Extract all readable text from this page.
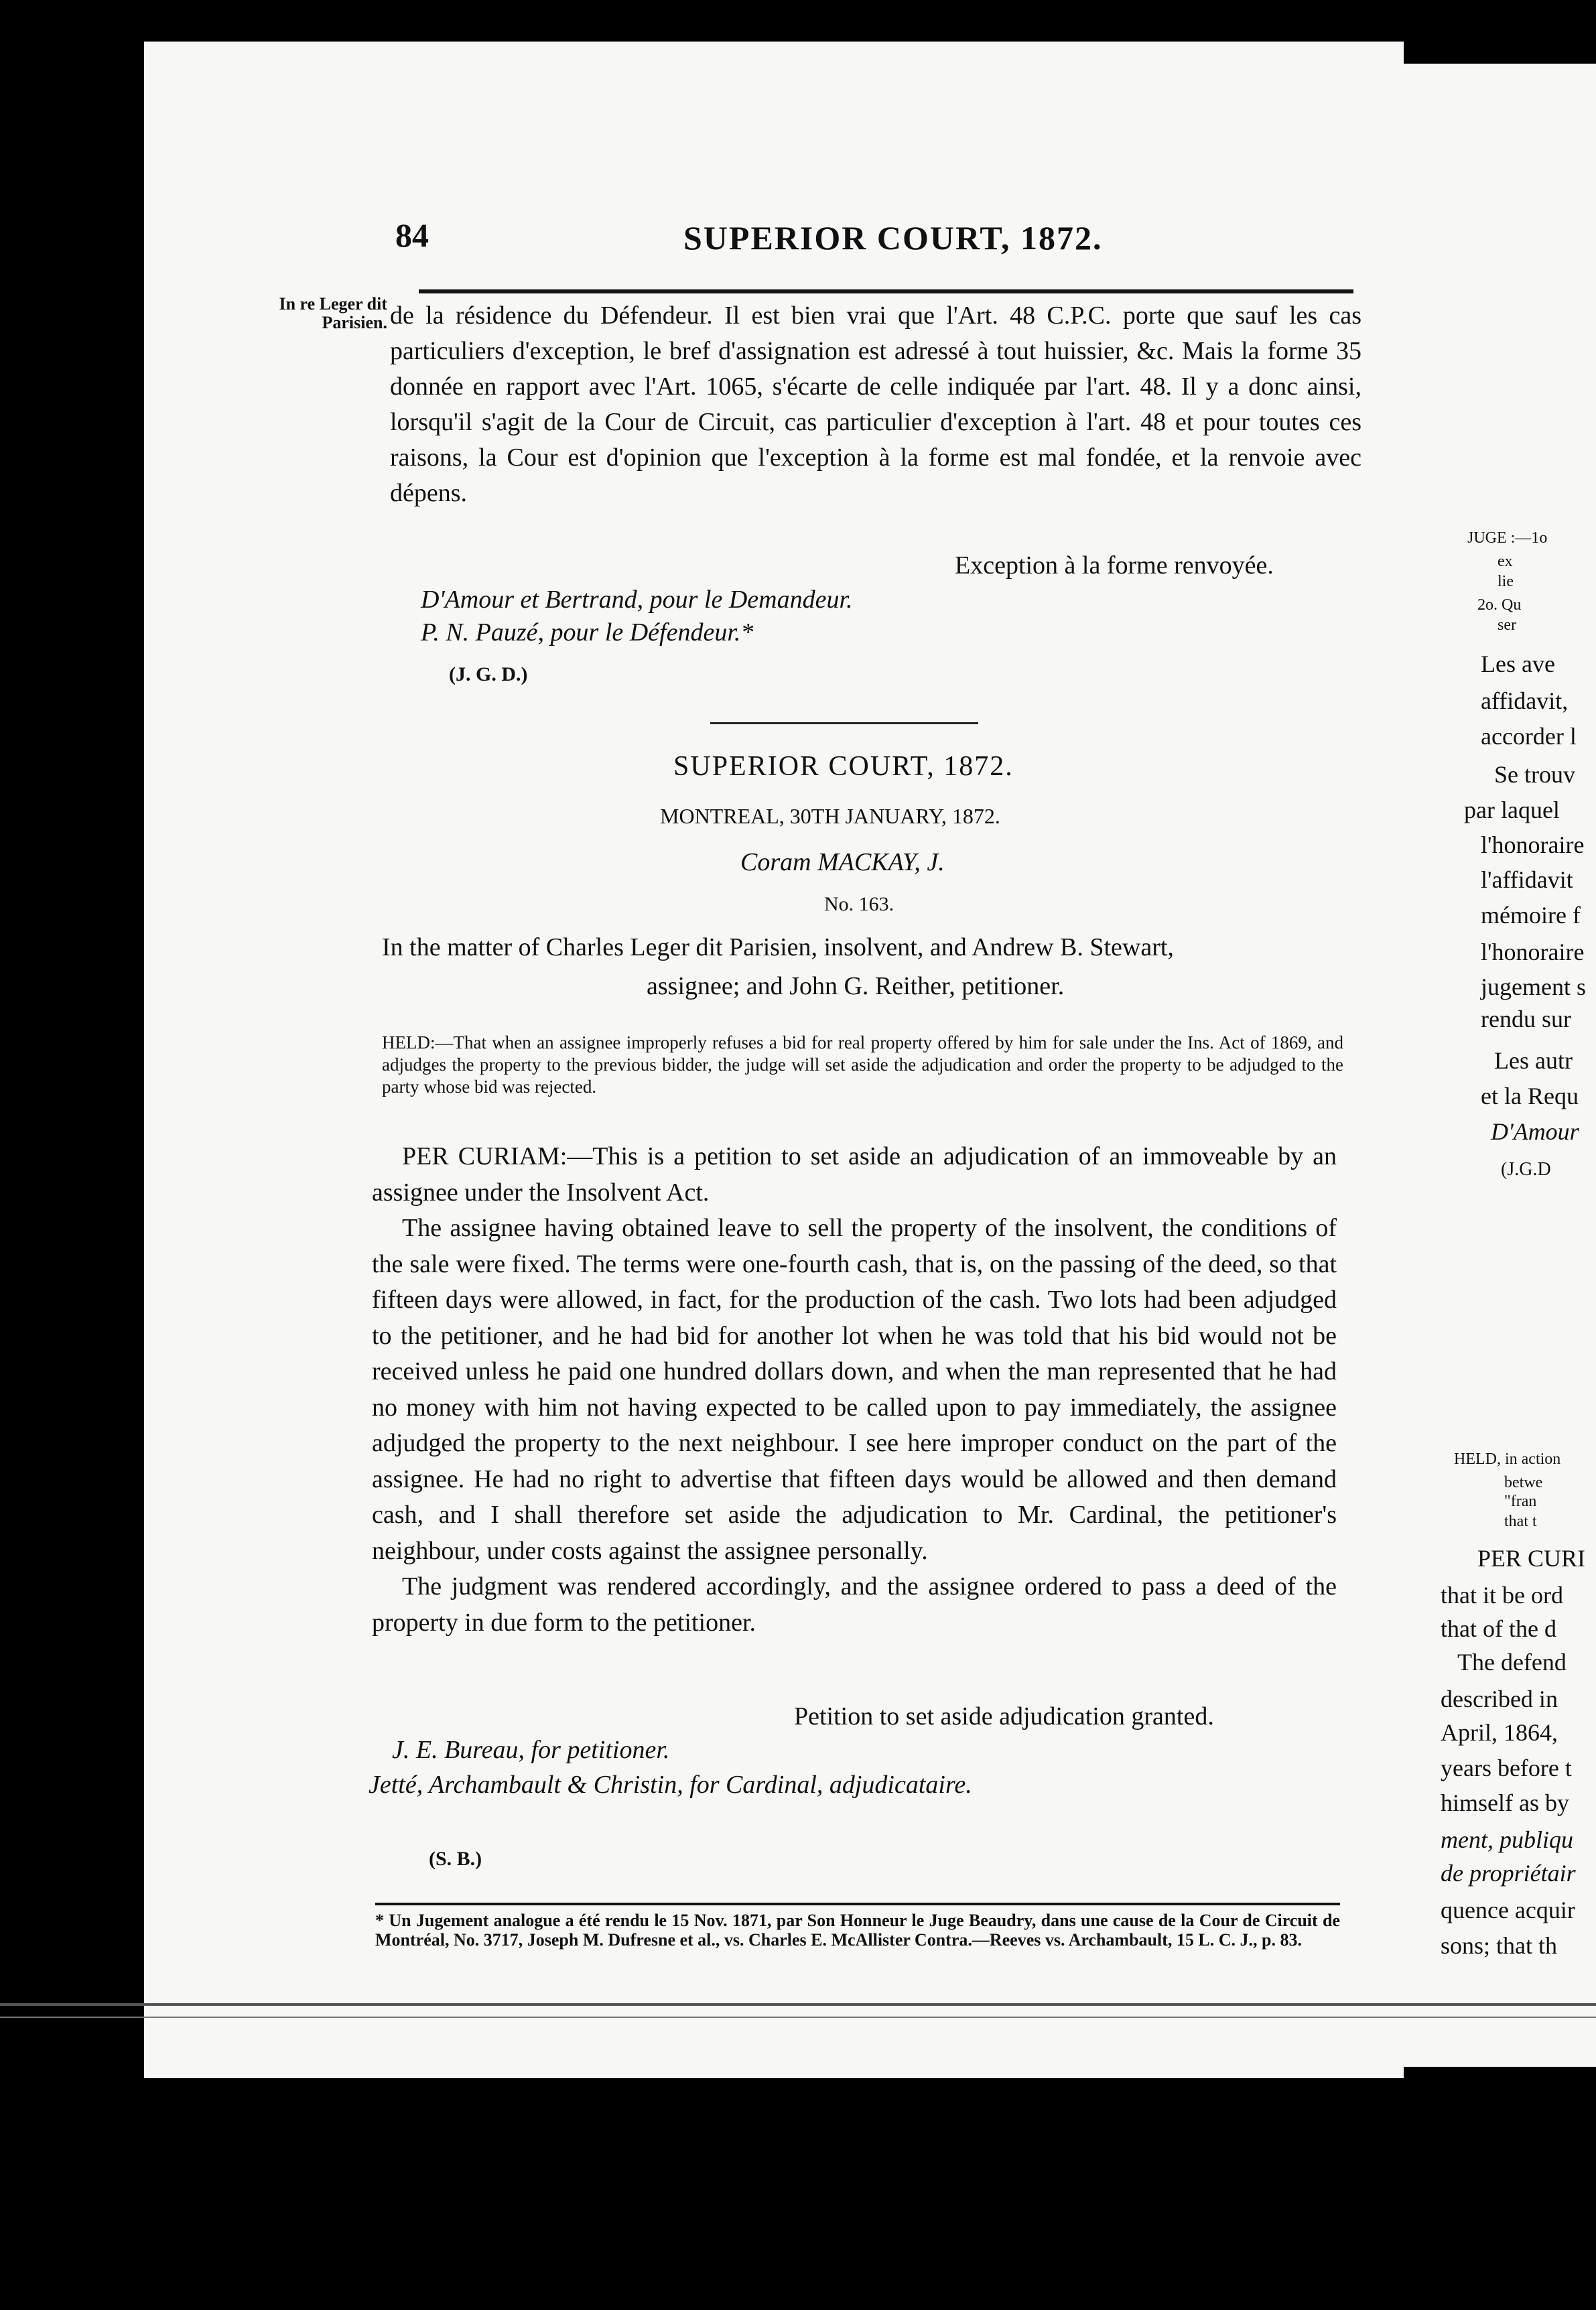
84	SUPERIOR COURT, 1872.
In re Leger dit Parisien. de la résidence du Défendeur. Il est bien vrai que l'Art. 48 C.P.C. porte que sauf les cas particuliers d'exception, le bref d'assignation est adressé à tout huissier, &c. Mais la forme 35 donnée en rapport avec l'Art. 1065, s'écarte de celle indiquée par l'art. 48. Il y a donc ainsi, lorsqu'il s'agit de la Cour de Circuit, cas particulier d'exception à l'art. 48 et pour toutes ces raisons, la Cour est d'opinion que l'exception à la forme est mal fondée, et la renvoie avec dépens.
Exception à la forme renvoyée.
D'Amour et Bertrand, pour le Demandeur.
P. N. Pauzé, pour le Défendeur.*
(J. G. D.)
SUPERIOR COURT, 1872.
MONTREAL, 30TH JANUARY, 1872.
Coram MACKAY, J.
No. 163.
In the matter of Charles Leger dit Parisien, insolvent, and Andrew B. Stewart,
assignee; and John G. Reither, petitioner.
HELD:—That when an assignee improperly refuses a bid for real property offered by him for sale under the Ins. Act of 1869, and adjudges the property to the previous bidder, the judge will set aside the adjudication and order the property to be adjudged to the party whose bid was rejected.

PER CURIAM:—This is a petition to set aside an adjudication of an immoveable by an assignee under the Insolvent Act.

The assignee having obtained leave to sell the property of the insolvent, the conditions of the sale were fixed. The terms were one-fourth cash, that is, on the passing of the deed, so that fifteen days were allowed, in fact, for the production of the cash. Two lots had been adjudged to the petitioner, and he had bid for another lot when he was told that his bid would not be received unless he paid one hundred dollars down, and when the man represented that he had no money with him not having expected to be called upon to pay immediately, the assignee adjudged the property to the next neighbour. I see here improper conduct on the part of the assignee. He had no right to advertise that fifteen days would be allowed and then demand cash, and I shall therefore set aside the adjudication to Mr. Cardinal, the petitioner's neighbour, under costs against the assignee personally.

The judgment was rendered accordingly, and the assignee ordered to pass a deed of the property in due form to the petitioner.

Petition to set aside adjudication granted.
J. E. Bureau, for petitioner.
Jetté, Archambault & Christin, for Cardinal, adjudicataire.
(S. B.)
* Un Jugement analogue a été rendu le 15 Nov. 1871, par Son Honneur le Juge Beaudry, dans une cause de la Cour de Circuit de Montréal, No. 3717, Joseph M. Dufresne et al., vs. Charles E. McAllister Contra.—Reeves vs. Archambault, 15 L. C. J., p. 83.
JUGE :—1o
ex
lie
2o. Qu
ser
Les ave
affidavit,
accorder l
Se trouv
par laquel
l'honoraire
l'affidavit
mémoire f
l'honoraire
jugement s
rendu sur
Les autr
et la Requ
D'Amour
(J.G.D
HELD, in action
betwe
"fran
that t
PER CURI
that it be ord
that of the d
The defend
described in
April, 1864,
years before t
himself as by
ment, publiqu
de propriétair
quence acquir
sons; that th
